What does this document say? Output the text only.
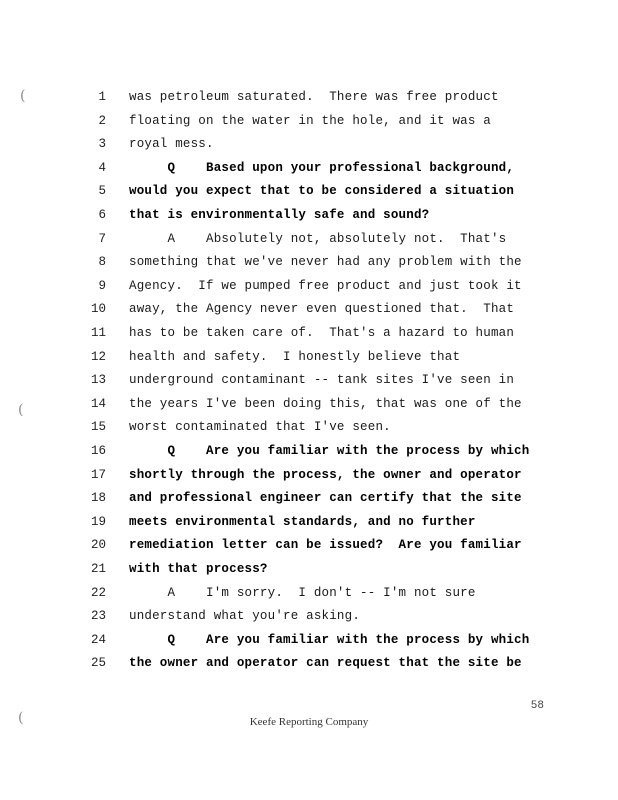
(
(
(
1 was petroleum saturated.  There was free product
2 floating on the water in the hole, and it was a
3 royal mess.
4 Q    Based upon your professional background,
5 would you expect that to be considered a situation
6 that is environmentally safe and sound?
7 A    Absolutely not, absolutely not.  That's
8 something that we've never had any problem with the
9 Agency.  If we pumped free product and just took it
10 away, the Agency never even questioned that.  That
11 has to be taken care of.  That's a hazard to human
12 health and safety.  I honestly believe that
13 underground contaminant -- tank sites I've seen in
14 the years I've been doing this, that was one of the
15 worst contaminated that I've seen.
16 Q    Are you familiar with the process by which
17 shortly through the process, the owner and operator
18 and professional engineer can certify that the site
19 meets environmental standards, and no further
20 remediation letter can be issued?  Are you familiar
21 with that process?
22 A    I'm sorry.  I don't -- I'm not sure
23 understand what you're asking.
24 Q    Are you familiar with the process by which
25 the owner and operator can request that the site be
58
Keefe Reporting Company
